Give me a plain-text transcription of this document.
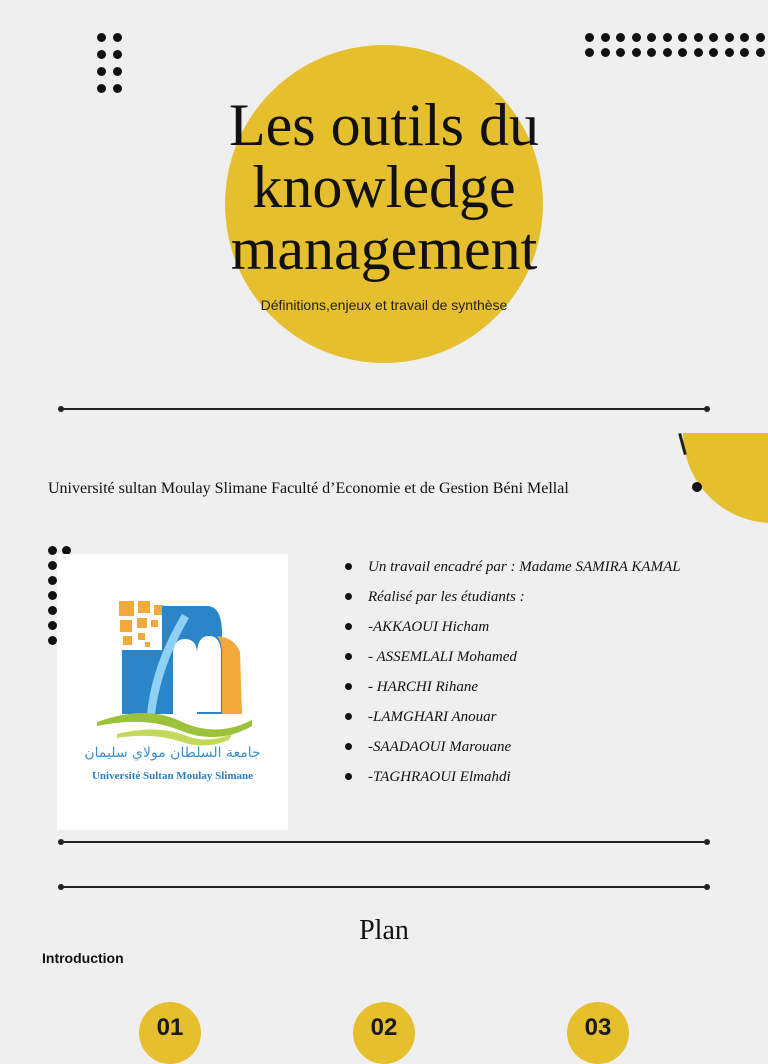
Les outils du
knowledge
management
Définitions,enjeux et travail de synthèse
Université sultan Moulay Slimane Faculté d’Economie et de Gestion Béni Mellal
جامعة السلطان مولاي سليمان
Université Sultan Moulay Slimane
Un travail encadré par : Madame SAMIRA KAMAL
Réalisé par les étudiants :
-AKKAOUI Hicham
- ASSEMLALI Mohamed
- HARCHI Rihane
-LAMGHARI Anouar
-SAADAOUI Marouane
-TAGHRAOUI Elmahdi
Plan
Introduction
01	02	03
